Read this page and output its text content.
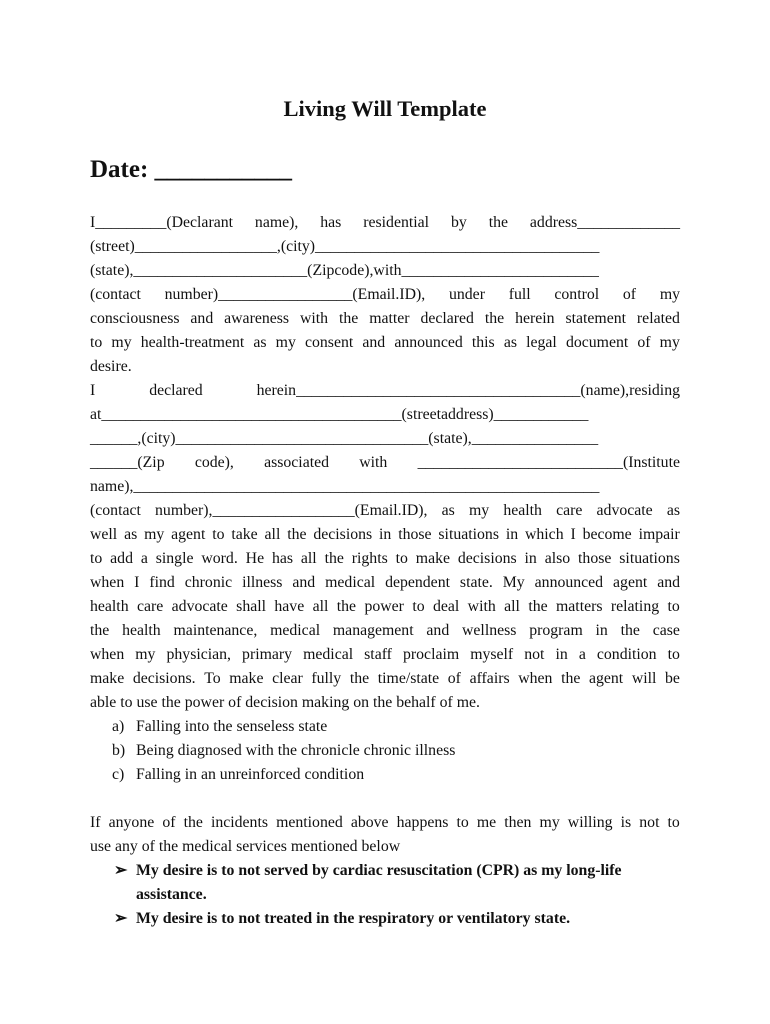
Living Will Template
Date: ___________
I_________(Declarant name), has residential by the address_____________
(street)__________________,(city)____________________________________
(state),______________________(Zipcode),with_________________________
(contact number)_________________(Email.ID), under full control of my
consciousness and awareness with the matter declared the herein statement related
to my health-treatment as my consent and announced this as legal document of my
desire.
I	declared	herein____________________________________(name),residing
at______________________________________(streetaddress)____________
______,(city)________________________________(state),________________
______(Zip code), associated with __________________________(Institute
name),___________________________________________________________
(contact number),__________________(Email.ID), as my health care advocate as
well as my agent to take all the decisions in those situations in which I become impair
to add a single word. He has all the rights to make decisions in also those situations
when I find chronic illness and medical dependent state. My announced agent and
health care advocate shall have all the power to deal with all the matters relating to
the health maintenance, medical management and wellness program in the case
when my physician, primary medical staff proclaim myself not in a condition to
make decisions. To make clear fully the time/state of affairs when the agent will be
able to use the power of decision making on the behalf of me.
a) Falling into the senseless state
b) Being diagnosed with the chronicle chronic illness
c) Falling in an unreinforced condition
If anyone of the incidents mentioned above happens to me then my willing is not to
use any of the medical services mentioned below
➢ My desire is to not served by cardiac resuscitation (CPR) as my long-life assistance.
➢ My desire is to not treated in the respiratory or ventilatory state.
